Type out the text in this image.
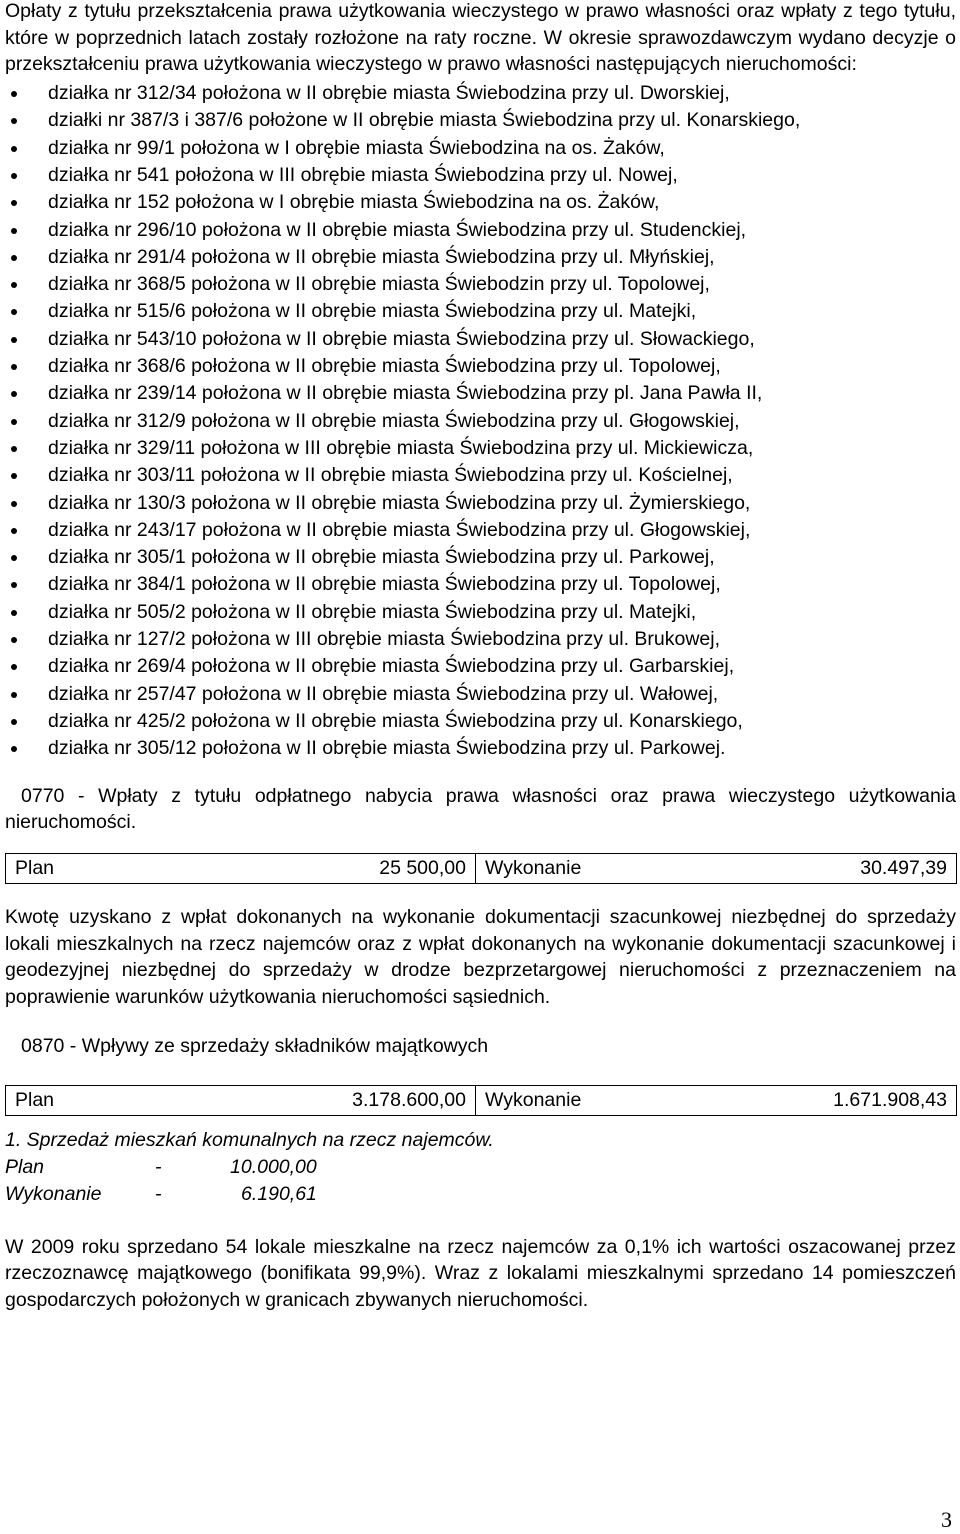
Opłaty z tytułu przekształcenia prawa użytkowania wieczystego w prawo własności oraz wpłaty z tego tytułu, które w poprzednich latach zostały rozłożone na raty roczne. W okresie sprawozdawczym wydano decyzje o przekształceniu prawa użytkowania wieczystego w prawo własności następujących nieruchomości:

działka nr 312/34 położona w II obrębie miasta Świebodzina przy ul. Dworskiej,
działki nr 387/3 i 387/6 położone w II obrębie miasta Świebodzina przy ul. Konarskiego,
działka nr 99/1 położona w I obrębie miasta Świebodzina na os. Żaków,
działka nr 541 położona w III obrębie miasta Świebodzina przy ul. Nowej,
działka nr 152 położona w I obrębie miasta Świebodzina na os. Żaków,
działka nr 296/10 położona w II obrębie miasta Świebodzina przy ul. Studenckiej,
działka nr 291/4 położona w II obrębie miasta Świebodzina przy ul. Młyńskiej,
działka nr 368/5 położona w II obrębie miasta Świebodzin przy ul. Topolowej,
działka nr 515/6 położona w II obrębie miasta Świebodzina przy ul. Matejki,
działka nr 543/10 położona w II obrębie miasta Świebodzina przy ul. Słowackiego,
działka nr 368/6 położona w II obrębie miasta Świebodzina przy ul. Topolowej,
działka nr 239/14 położona w II obrębie miasta Świebodzina przy pl. Jana Pawła II,
działka nr 312/9 położona w II obrębie miasta Świebodzina przy ul. Głogowskiej,
działka nr 329/11 położona w III obrębie miasta Świebodzina przy ul. Mickiewicza,
działka nr 303/11 położona w II obrębie miasta Świebodzina przy ul. Kościelnej,
działka nr 130/3 położona w II obrębie miasta Świebodzina przy ul. Żymierskiego,
działka nr 243/17 położona w II obrębie miasta Świebodzina przy ul. Głogowskiej,
działka nr 305/1 położona w II obrębie miasta Świebodzina przy ul. Parkowej,
działka nr 384/1 położona w II obrębie miasta Świebodzina przy ul. Topolowej,
działka nr 505/2 położona w II obrębie miasta Świebodzina przy ul. Matejki,
działka nr 127/2 położona w III obrębie miasta Świebodzina przy ul. Brukowej,
działka nr 269/4 położona w II obrębie miasta Świebodzina przy ul. Garbarskiej,
działka nr 257/47 położona w II obrębie miasta Świebodzina przy ul. Wałowej,
działka nr 425/2 położona w II obrębie miasta Świebodzina przy ul. Konarskiego,
działka nr 305/12 położona w II obrębie miasta Świebodzina przy ul. Parkowej.

0770 - Wpłaty z tytułu odpłatnego nabycia prawa własności oraz prawa wieczystego użytkowania nieruchomości.

Plan	25 500,00	Wykonanie	30.497,39

Kwotę uzyskano z wpłat dokonanych na wykonanie dokumentacji szacunkowej niezbędnej do sprzedaży lokali mieszkalnych na rzecz najemców oraz z wpłat dokonanych na wykonanie dokumentacji szacunkowej i geodezyjnej niezbędnej do sprzedaży w drodze bezprzetargowej nieruchomości z przeznaczeniem na poprawienie warunków użytkowania nieruchomości sąsiednich.

0870 - Wpływy ze sprzedaży składników majątkowych

Plan	3.178.600,00	Wykonanie	1.671.908,43

1. Sprzedaż mieszkań komunalnych na rzecz najemców.

Plan	-	10.000,00
Wykonanie	-	6.190,61

W 2009 roku sprzedano 54 lokale mieszkalne na rzecz najemców za 0,1% ich wartości oszacowanej przez rzeczoznawcę majątkowego (bonifikata 99,9%). Wraz z lokalami mieszkalnymi sprzedano 14 pomieszczeń gospodarczych położonych w granicach zbywanych nieruchomości.

3
